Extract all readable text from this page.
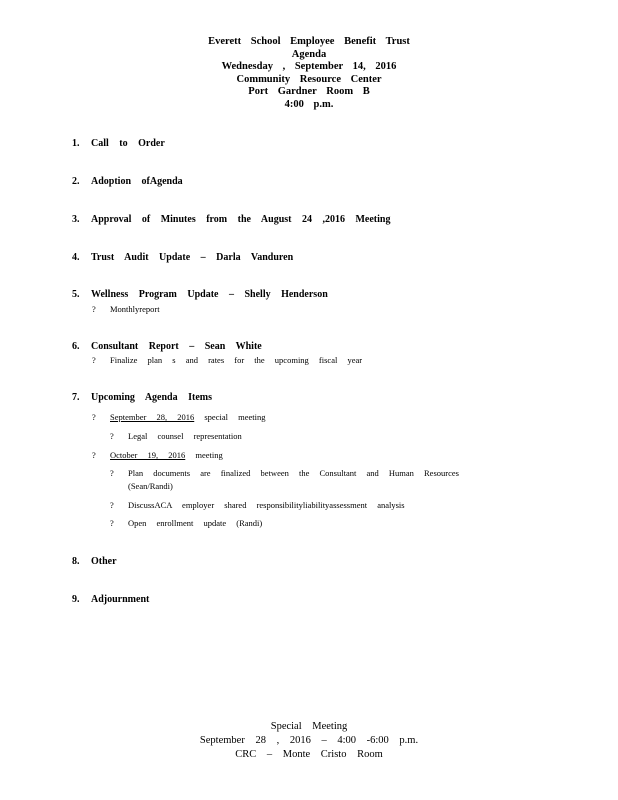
Everett School Employee Benefit Trust
Agenda
Wednesday , September 14, 2016
Community Resource Center
Port Gardner Room B
4:00 p.m.
1. Call to Order
2. Adoption ofAgenda
3. Approval of Minutes from the August 24 ,2016 Meeting
4. Trust Audit Update – Darla Vanduren
5. Wellness Program Update – Shelly Henderson
? Monthlyreport
6. Consultant Report – Sean White
? Finalize plan s and rates for the upcoming fiscal year
7. Upcoming Agenda Items
? September 28, 2016 special meeting
? Legal counsel representation
? October 19, 2016 meeting
? Plan documents are finalized between the Consultant and Human Resources
(Sean/Randi)
? DiscussACA employer shared responsibilityliabilityassessment analysis
? Open enrollment update (Randi)
8. Other
9. Adjournment
Special Meeting
September 28 , 2016 – 4:00 -6:00 p.m.
CRC – Monte Cristo Room
